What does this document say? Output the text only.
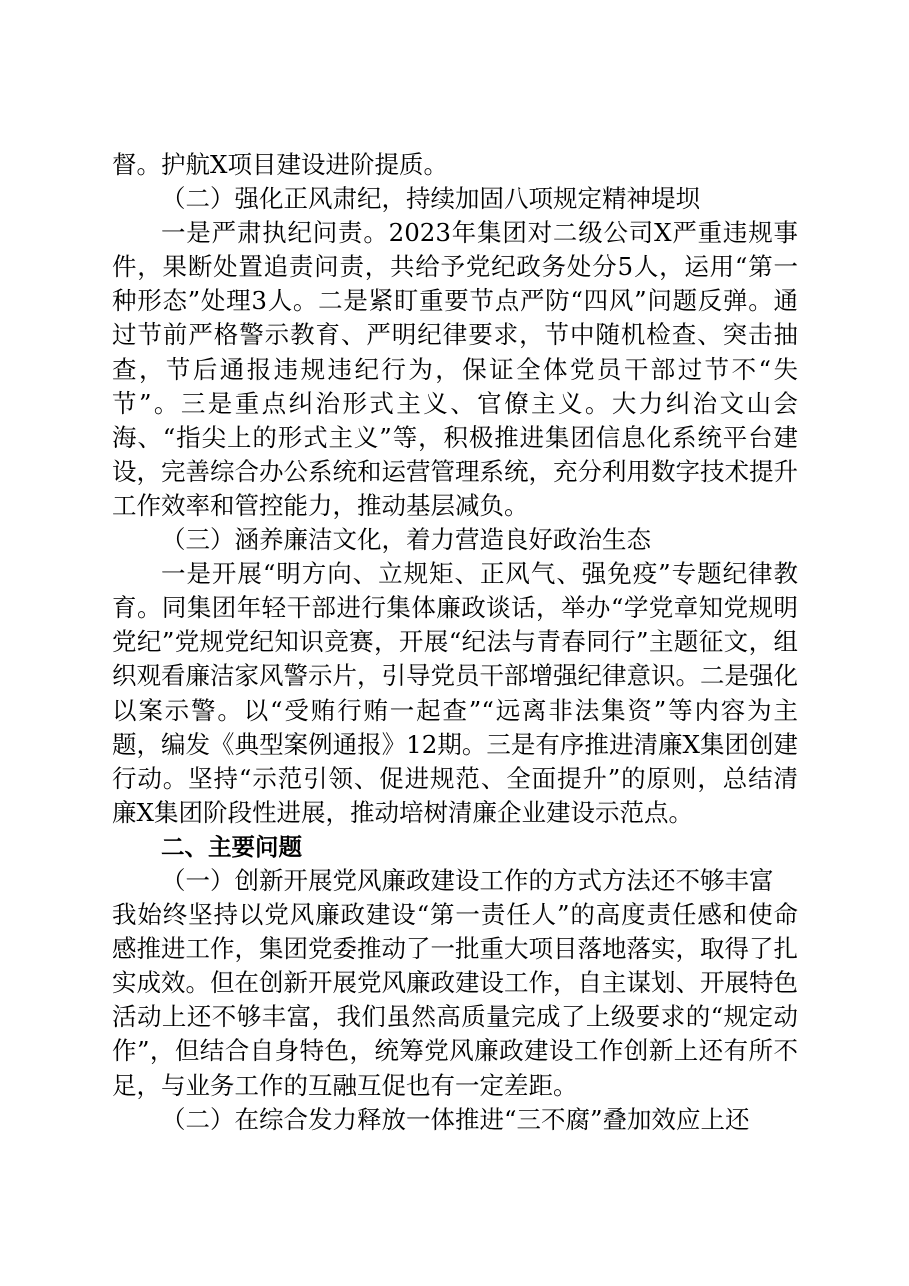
督。护航X项目建设进阶提质。

（二）强化正风肃纪，持续加固八项规定精神堤坝

一是严肃执纪问责。2023年集团对二级公司X严重违规事件，果断处置追责问责，共给予党纪政务处分5人，运用“第一种形态”处理3人。二是紧盯重要节点严防“四风”问题反弹。通过节前严格警示教育、严明纪律要求，节中随机检查、突击抽查，节后通报违规违纪行为，保证全体党员干部过节不“失节”。三是重点纠治形式主义、官僚主义。大力纠治文山会海、“指尖上的形式主义”等，积极推进集团信息化系统平台建设，完善综合办公系统和运营管理系统，充分利用数字技术提升工作效率和管控能力，推动基层减负。

（三）涵养廉洁文化，着力营造良好政治生态

一是开展“明方向、立规矩、正风气、强免疫”专题纪律教育。同集团年轻干部进行集体廉政谈话，举办“学党章知党规明党纪”党规党纪知识竞赛，开展“纪法与青春同行”主题征文，组织观看廉洁家风警示片，引导党员干部增强纪律意识。二是强化以案示警。以“受贿行贿一起查”“远离非法集资”等内容为主题，编发《典型案例通报》12期。三是有序推进清廉X集团创建行动。坚持“示范引领、促进规范、全面提升”的原则，总结清廉X集团阶段性进展，推动培树清廉企业建设示范点。

二、主要问题

（一）创新开展党风廉政建设工作的方式方法还不够丰富

我始终坚持以党风廉政建设“第一责任人”的高度责任感和使命感推进工作，集团党委推动了一批重大项目落地落实，取得了扎实成效。但在创新开展党风廉政建设工作，自主谋划、开展特色活动上还不够丰富，我们虽然高质量完成了上级要求的“规定动作”，但结合自身特色，统筹党风廉政建设工作创新上还有所不足，与业务工作的互融互促也有一定差距。

（二）在综合发力释放一体推进“三不腐”叠加效应上还
